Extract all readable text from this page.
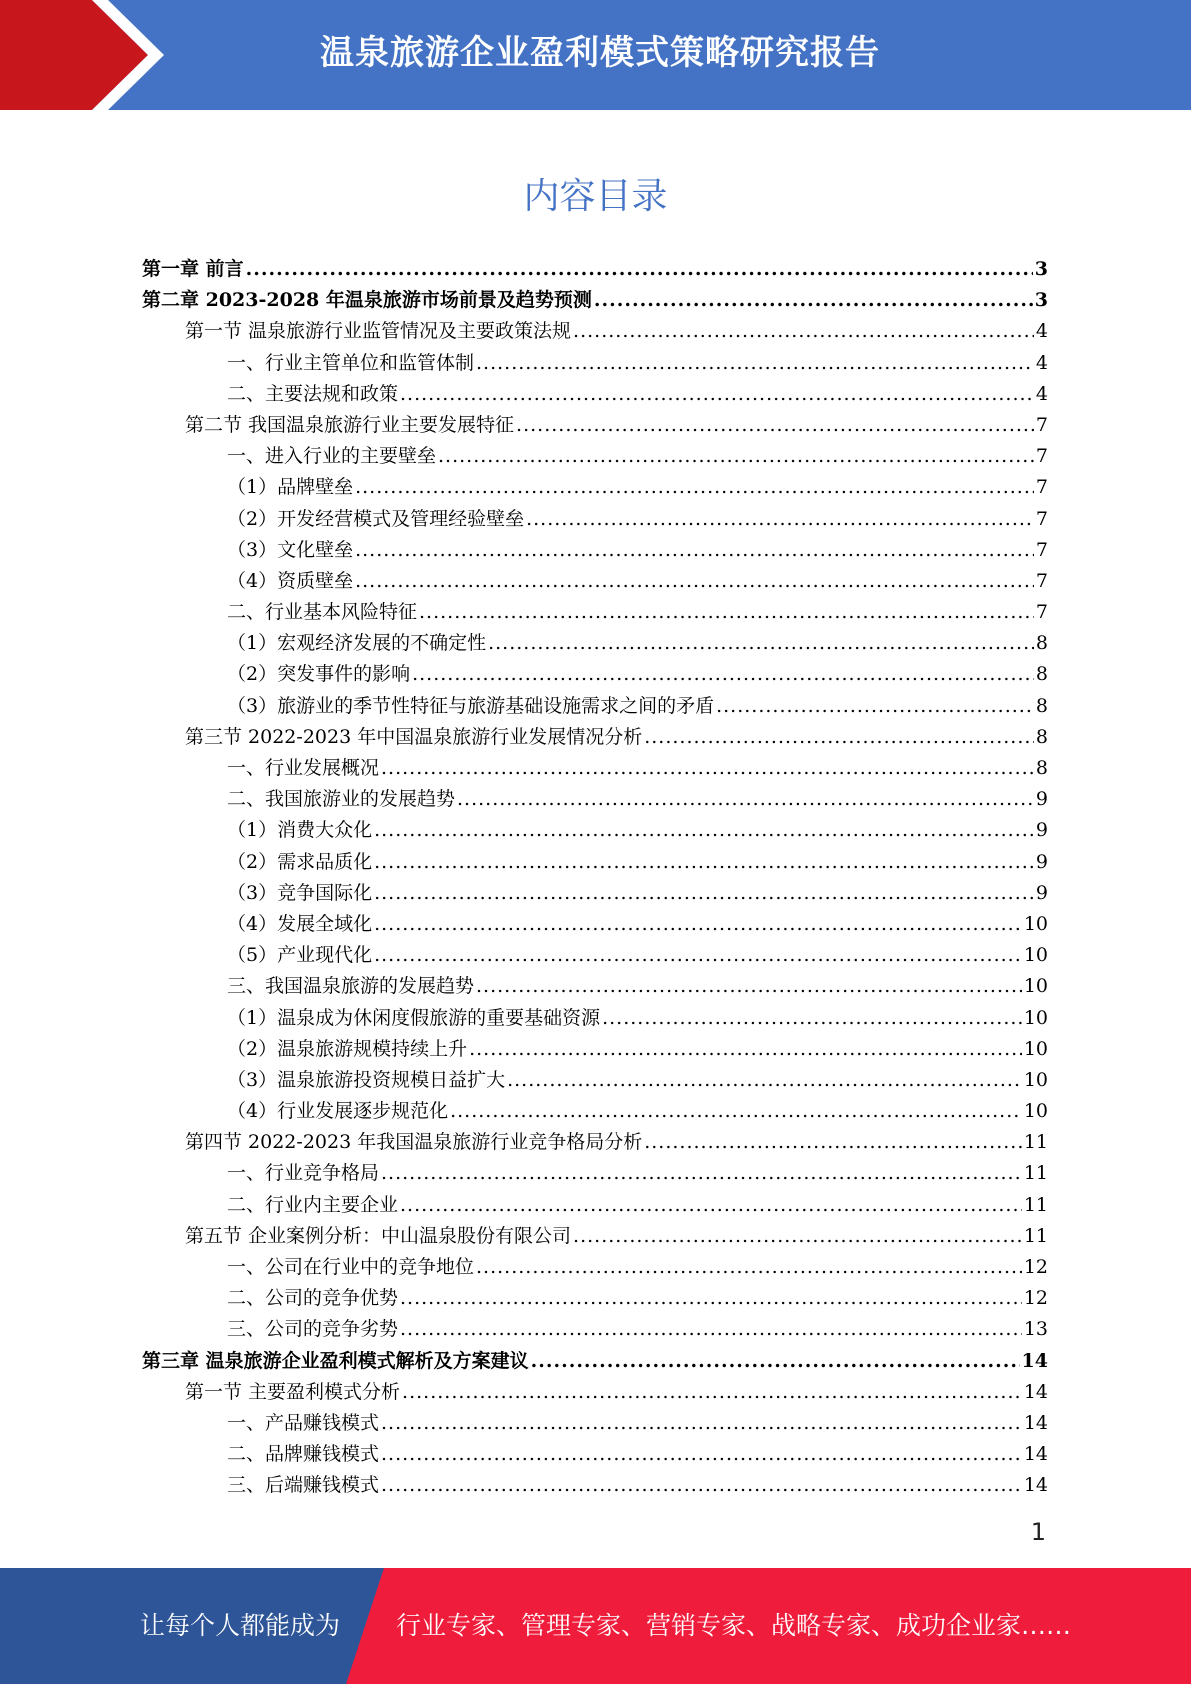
温泉旅游企业盈利模式策略研究报告
内容目录
第一章 前言 .....	3
第二章 2023-2028 年温泉旅游市场前景及趋势预测 .....	3
第一节 温泉旅游行业监管情况及主要政策法规 .....	4
一、行业主管单位和监管体制 .....	4
二、主要法规和政策 .....	4
第二节 我国温泉旅游行业主要发展特征 .....	7
一、进入行业的主要壁垒 .....	7
（1）品牌壁垒 .....	7
（2）开发经营模式及管理经验壁垒 .....	7
（3）文化壁垒 .....	7
（4）资质壁垒 .....	7
二、行业基本风险特征 .....	7
（1）宏观经济发展的不确定性 .....	8
（2）突发事件的影响 .....	8
（3）旅游业的季节性特征与旅游基础设施需求之间的矛盾 .....	8
第三节 2022-2023 年中国温泉旅游行业发展情况分析 .....	8
一、行业发展概况 .....	8
二、我国旅游业的发展趋势 .....	9
（1）消费大众化 .....	9
（2）需求品质化 .....	9
（3）竞争国际化 .....	9
（4）发展全域化 .....	10
（5）产业现代化 .....	10
三、我国温泉旅游的发展趋势 .....	10
（1）温泉成为休闲度假旅游的重要基础资源 .....	10
（2）温泉旅游规模持续上升 .....	10
（3）温泉旅游投资规模日益扩大 .....	10
（4）行业发展逐步规范化 .....	10
第四节 2022-2023 年我国温泉旅游行业竞争格局分析 .....	11
一、行业竞争格局 .....	11
二、行业内主要企业 .....	11
第五节 企业案例分析：中山温泉股份有限公司 .....	11
一、公司在行业中的竞争地位 .....	12
二、公司的竞争优势 .....	12
三、公司的竞争劣势 .....	13
第三章 温泉旅游企业盈利模式解析及方案建议 .....	14
第一节 主要盈利模式分析 .....	14
一、产品赚钱模式 .....	14
二、品牌赚钱模式 .....	14
三、后端赚钱模式 .....	14
1
让每个人都能成为 行业专家、管理专家、营销专家、战略专家、成功企业家……
